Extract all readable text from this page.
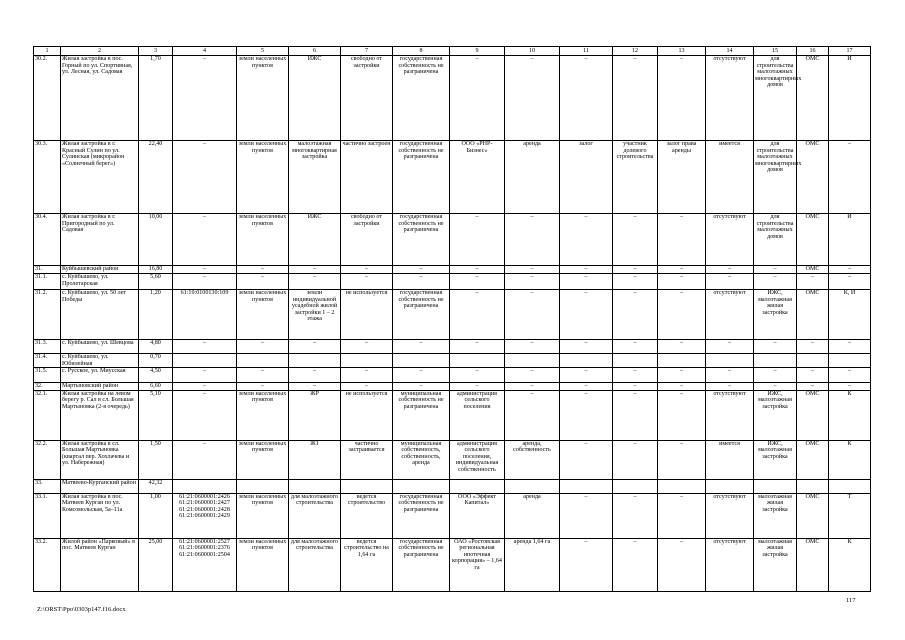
1	2	3	4	5	6	7	8	9	10	11	12	13	14	15	16	17
30.2.	Жилая застройка в пос. Горный по ул. Спортивная, ул. Лесная, ул. Садовая	1,70	–	земли населенных пунктов	ИЖС	свободно от застройки	государственная собственность не разграничена	–	–	–	–	–	отсутствуют	для строительства малоэтажных многоквартирных домов	ОМС	И
30.3.	Жилая застройка в г. Красный Сулин по ул. Сулинская (микрорайон «Солнечный берег»)	22,40	–	земли населенных пунктов	малоэтажная многоквартирная застройка	частично застроен	государственная собственность не разграничена	ООО «РНР-Бизнес»	аренда	залог	участник долевого строительства	залог права аренды	имеется	для строительства малоэтажных многоквартирных домов	ОМС	–
30.4.	Жилая застройка в г. Пригородный по ул. Садовая	10,00	–	земли населенных пунктов	ИЖС	свободно от застройки	государственная собственность не разграничена	–	–	–	–	–	отсутствуют	для строительства малоэтажных домов	ОМС	И
31.	Куйбышевский район	16,80	–	–	–	–	–	–	–	–	–	–	–	–	ОМС	–
31.1.	с. Куйбышево, ул. Пролетарская	5,60	–	–	–	–	–	–	–	–	–	–	–	–	–	–
31.2.	с. Куйбышево, ул. 50 лет Победы	1,20	61:19:0100130:109	земли населенных пунктов	земли индивидуальной усадебной жилой застройки 1 – 2 этажа	не используется	государственная собственность не разграничена	–	–	–	–	–	отсутствуют	ИЖС, малоэтажная жилая застройка	ОМС	К, И
31.3.	с. Куйбышево, ул. Шевцова	4,80	–	–	–	–	–	–	–	–	–	–	–	–	–	–
31.4.	с. Куйбышево, ул. Юбилейная	0,70														
31.5.	с. Русское, ул. Миусская	4,50	–	–	–	–	–	–	–	–	–	–	–	–	–	–
32.	Мартыновский район	6,60	–	–	–	–	–	–	–	–	–	–	–	–	–	–
32.1.	Жилая застройка на левом берегу р. Сал в сл. Большая Мартыновка (2-я очередь)	5,10	–	земли населенных пунктов	ЖР	не используется	муниципальная собственность не разграничена	администрация сельского поселения	–	–	–	–	отсутствуют	ИЖС, малоэтажная застройка	ОМС	К
32.2.	Жилая застройка в сл. Большая Мартыновка (квартал пер. Хохлачева и ул. Набережная)	1,50	–	земли населенных пунктов	Ж1	частично застраивается	муниципальная собственность, собственность, аренда	администрация сельского поселения, индивидуальная собственность	аренда, собственность	–	–	–	имеется	ИЖС, малоэтажная застройка	ОМС	К
33.	Матвеево-Курганский район	42,32														
33.1.	Жилая застройка в пос. Матвеев Курган по ул. Комсомольская, 5а–11а	1,00	61:21:0600001:2426 61:21:0600001:2427 61:21:0600001:2428 61:21:0600001:2429	земли населенных пунктов	для малоэтажного строительства	ведется строительство	государственная собственность не разграничена	ООО «Эффект Капитал»	аренда	–	–	–	отсутствуют	малоэтажная жилая застройка	ОМС	Т
33.2.	Жилой район «Парковый» в пос. Матвеев Курган	25,00	61:21:0600001:2527 61:21:0600001:2376 61:21:0600001:2504	земли населенных пунктов	для малоэтажного строительства	ведется строительство на 1,64 га	государственная собственность не разграничена	ОАО «Ростовская региональная ипотечная корпорация» – 1,64 га	аренда 1,64 га	–	–	–	отсутствуют	малоэтажная жилая застройка	ОМС	К
117
Z:\ORST\Ppo\0303p147.f16.docx
